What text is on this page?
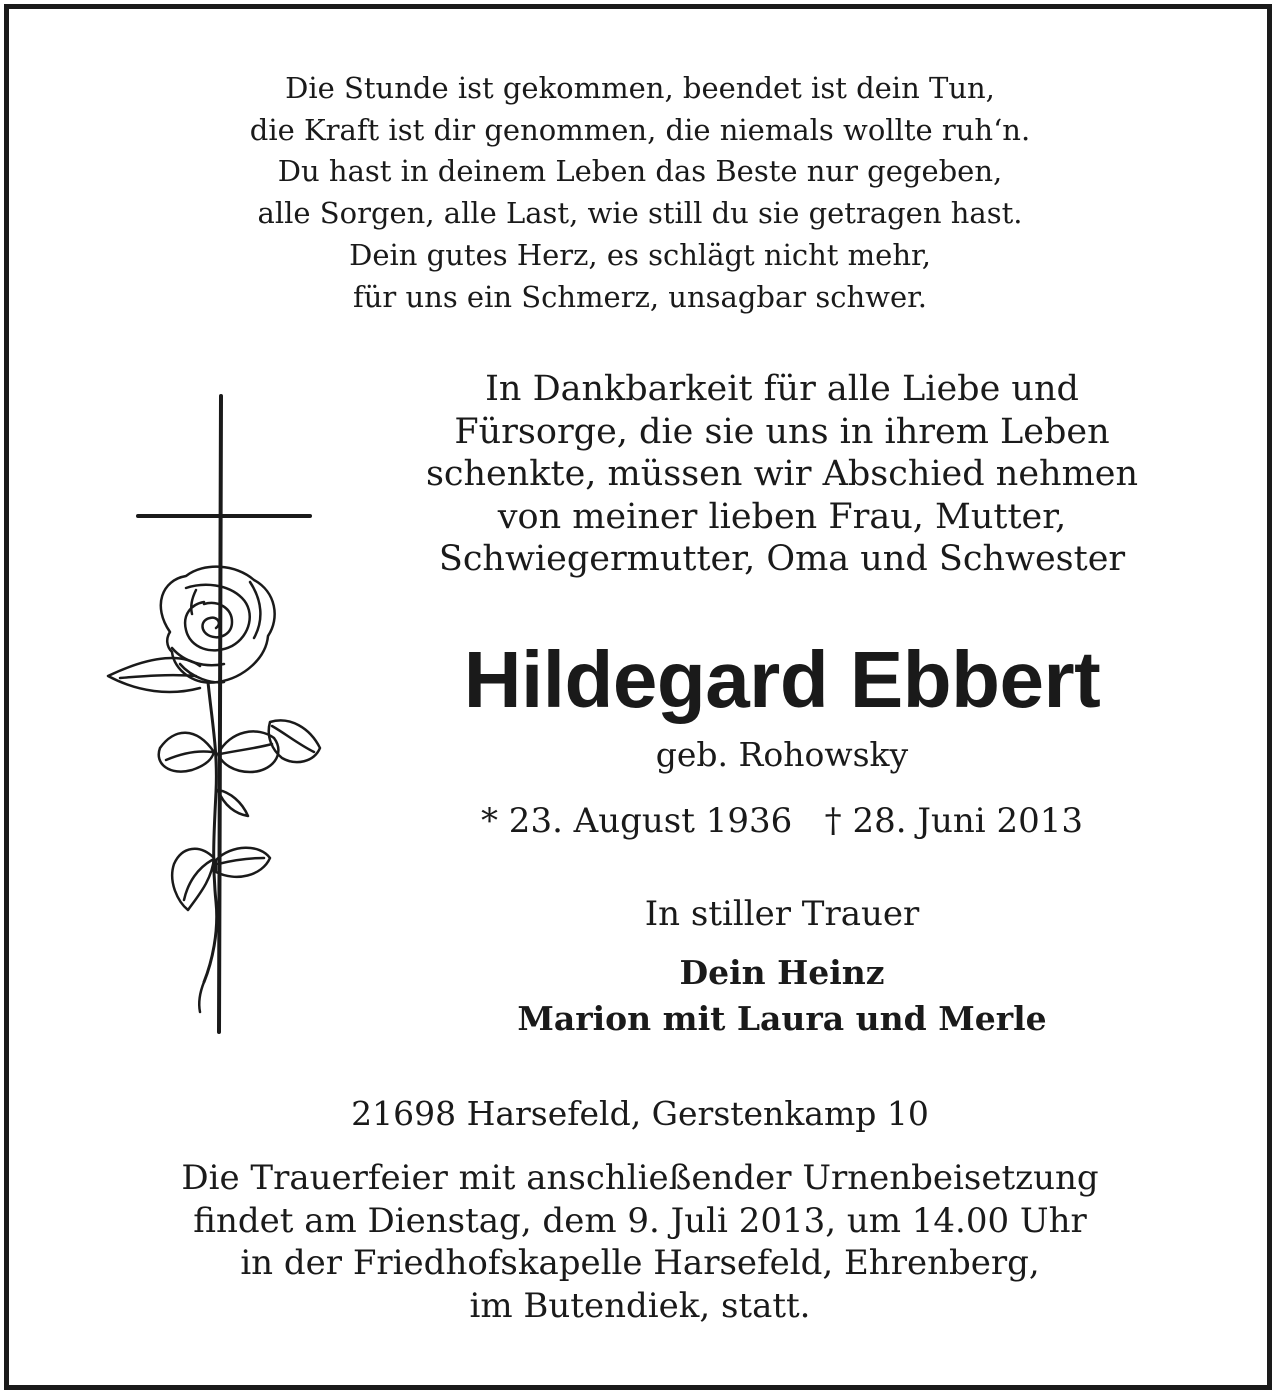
Die Stunde ist gekommen, beendet ist dein Tun,
die Kraft ist dir genommen, die niemals wollte ruh‘n.
Du hast in deinem Leben das Beste nur gegeben,
alle Sorgen, alle Last, wie still du sie getragen hast.
Dein gutes Herz, es schlägt nicht mehr,
für uns ein Schmerz, unsagbar schwer.
In Dankbarkeit für alle Liebe und
Fürsorge, die sie uns in ihrem Leben
schenkte, müssen wir Abschied nehmen
von meiner lieben Frau, Mutter,
Schwiegermutter, Oma und Schwester
Hildegard Ebbert
geb. Rohowsky
* 23. August 1936   † 28. Juni 2013
In stiller Trauer
Dein Heinz
Marion mit Laura und Merle
21698 Harsefeld, Gerstenkamp 10
Die Trauerfeier mit anschließender Urnenbeisetzung
findet am Dienstag, dem 9. Juli 2013, um 14.00 Uhr
in der Friedhofskapelle Harsefeld, Ehrenberg,
im Butendiek, statt.
